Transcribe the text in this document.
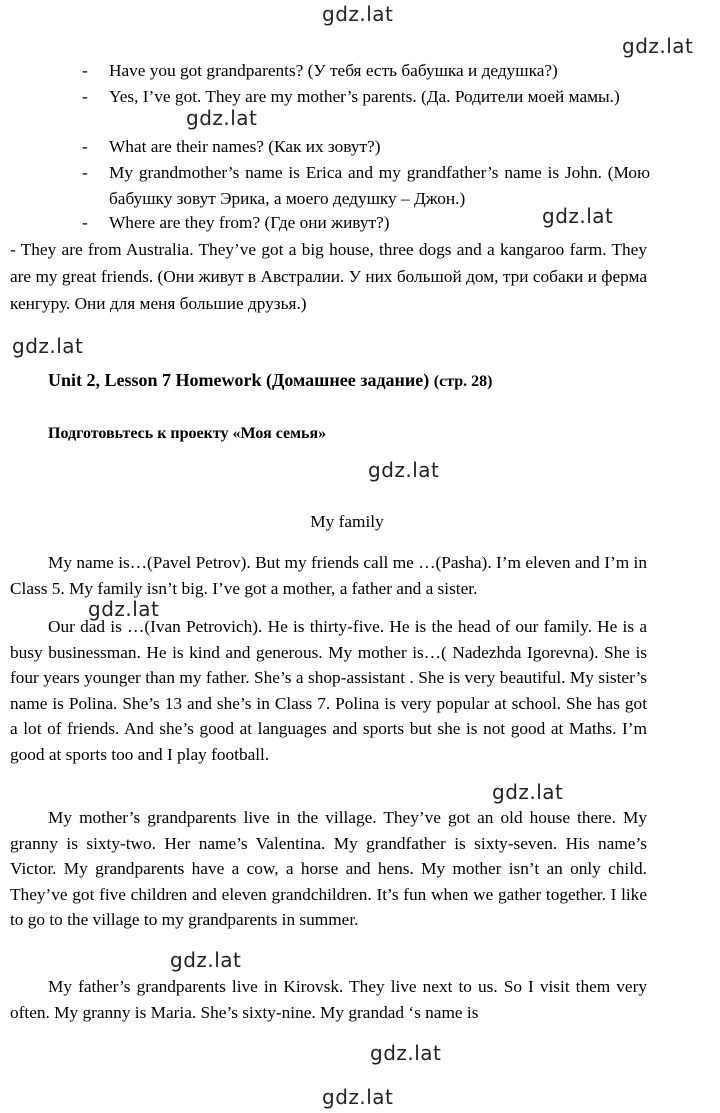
- Have you got grandparents? (У тебя есть бабушка и дедушка?)
- Yes, I’ve got. They are my mother’s parents. (Да. Родители моей мамы.)
- What are their names? (Как их зовут?)
- My grandmother’s name is Erica and my grandfather’s name is John. (Мою бабушку зовут Эрика, а моего дедушку – Джон.)
- Where are they from? (Где они живут?)
- They are from Australia. They’ve got a big house, three dogs and a kangaroo farm. They are my great friends. (Они живут в Австралии. У них большой дом, три собаки и ферма кенгуру. Они для меня большие друзья.)
Unit 2, Lesson 7 Homework (Домашнее задание) (стр. 28)
Подготовьтесь к проекту «Моя семья»
My family
My name is…(Pavel Petrov). But my friends call me …(Pasha). I’m eleven and I’m in Class 5. My family isn’t big. I’ve got a mother, a father and a sister.
Our dad is …(Ivan Petrovich). He is thirty-five. He is the head of our family. He is a busy businessman. He is kind and generous. My mother is…( Nadezhda Igorevna). She is four years younger than my father. She’s a shop-assistant . She is very beautiful. My sister’s name is Polina. She’s 13 and she’s in Class 7. Polina is very popular at school. She has got a lot of friends. And she’s good at languages and sports but she is not good at Maths. I’m good at sports too and I play football.
My mother’s grandparents live in the village. They’ve got an old house there. My granny is sixty-two. Her name’s Valentina. My grandfather is sixty-seven. His name’s Victor. My grandparents have a cow, a horse and hens. My mother isn’t an only child. They’ve got five children and eleven grandchildren. It’s fun when we gather together. I like to go to the village to my grandparents in summer.
My father’s grandparents live in Kirovsk. They live next to us. So I visit them very often. My granny is Maria. She’s sixty-nine. My grandad ‘s name is
gdz.lat
gdz.lat
gdz.lat
gdz.lat
gdz.lat
gdz.lat
gdz.lat
gdz.lat
gdz.lat
gdz.lat
gdz.lat
